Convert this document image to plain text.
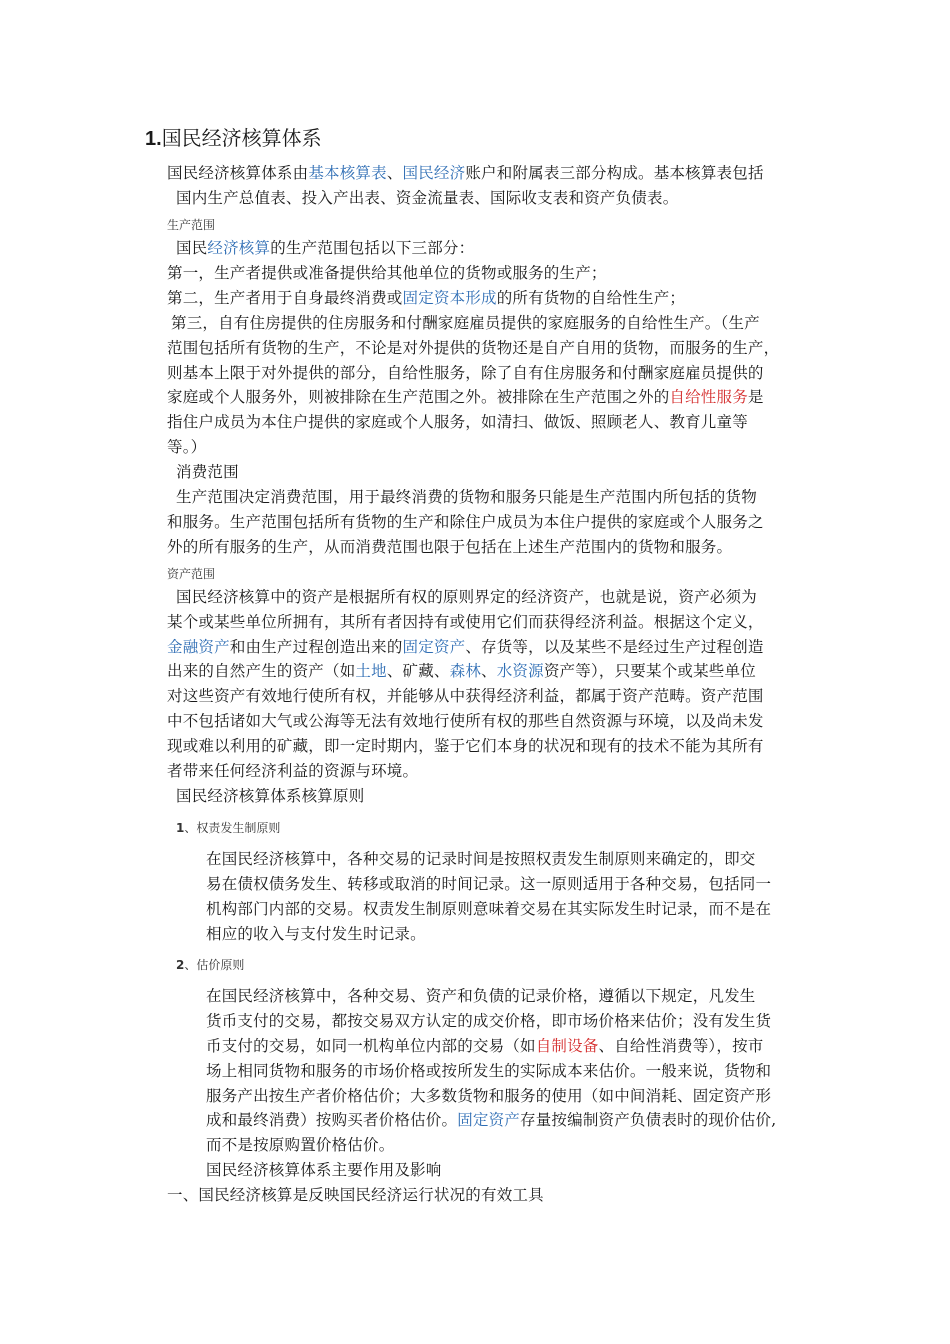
1.国民经济核算体系
国民经济核算体系由基本核算表、国民经济账户和附属表三部分构成。基本核算表包括
国内生产总值表、投入产出表、资金流量表、国际收支表和资产负债表。
生产范围
国民经济核算的生产范围包括以下三部分：
第一，生产者提供或准备提供给其他单位的货物或服务的生产；
第二，生产者用于自身最终消费或固定资本形成的所有货物的自给性生产；
第三，自有住房提供的住房服务和付酬家庭雇员提供的家庭服务的自给性生产。（生产
范围包括所有货物的生产，不论是对外提供的货物还是自产自用的货物，而服务的生产，
则基本上限于对外提供的部分，自给性服务，除了自有住房服务和付酬家庭雇员提供的
家庭或个人服务外，则被排除在生产范围之外。被排除在生产范围之外的自给性服务是
指住户成员为本住户提供的家庭或个人服务，如清扫、做饭、照顾老人、教育儿童等
等。）
消费范围
生产范围决定消费范围，用于最终消费的货物和服务只能是生产范围内所包括的货物
和服务。生产范围包括所有货物的生产和除住户成员为本住户提供的家庭或个人服务之
外的所有服务的生产，从而消费范围也限于包括在上述生产范围内的货物和服务。
资产范围
国民经济核算中的资产是根据所有权的原则界定的经济资产，也就是说，资产必须为
某个或某些单位所拥有，其所有者因持有或使用它们而获得经济利益。根据这个定义，
金融资产和由生产过程创造出来的固定资产、存货等，以及某些不是经过生产过程创造
出来的自然产生的资产（如土地、矿藏、森林、水资源资产等），只要某个或某些单位
对这些资产有效地行使所有权，并能够从中获得经济利益，都属于资产范畴。资产范围
中不包括诸如大气或公海等无法有效地行使所有权的那些自然资源与环境，以及尚未发
现或难以利用的矿藏，即一定时期内，鉴于它们本身的状况和现有的技术不能为其所有
者带来任何经济利益的资源与环境。
国民经济核算体系核算原则
1、权责发生制原则
在国民经济核算中，各种交易的记录时间是按照权责发生制原则来确定的，即交
易在债权债务发生、转移或取消的时间记录。这一原则适用于各种交易，包括同一
机构部门内部的交易。权责发生制原则意味着交易在其实际发生时记录，而不是在
相应的收入与支付发生时记录。
2、估价原则
在国民经济核算中，各种交易、资产和负债的记录价格，遵循以下规定，凡发生
货币支付的交易，都按交易双方认定的成交价格，即市场价格来估价；没有发生货
币支付的交易，如同一机构单位内部的交易（如自制设备、自给性消费等），按市
场上相同货物和服务的市场价格或按所发生的实际成本来估价。一般来说，货物和
服务产出按生产者价格估价；大多数货物和服务的使用（如中间消耗、固定资产形
成和最终消费）按购买者价格估价。固定资产存量按编制资产负债表时的现价估价,
而不是按原购置价格估价。
国民经济核算体系主要作用及影响
一、国民经济核算是反映国民经济运行状况的有效工具
